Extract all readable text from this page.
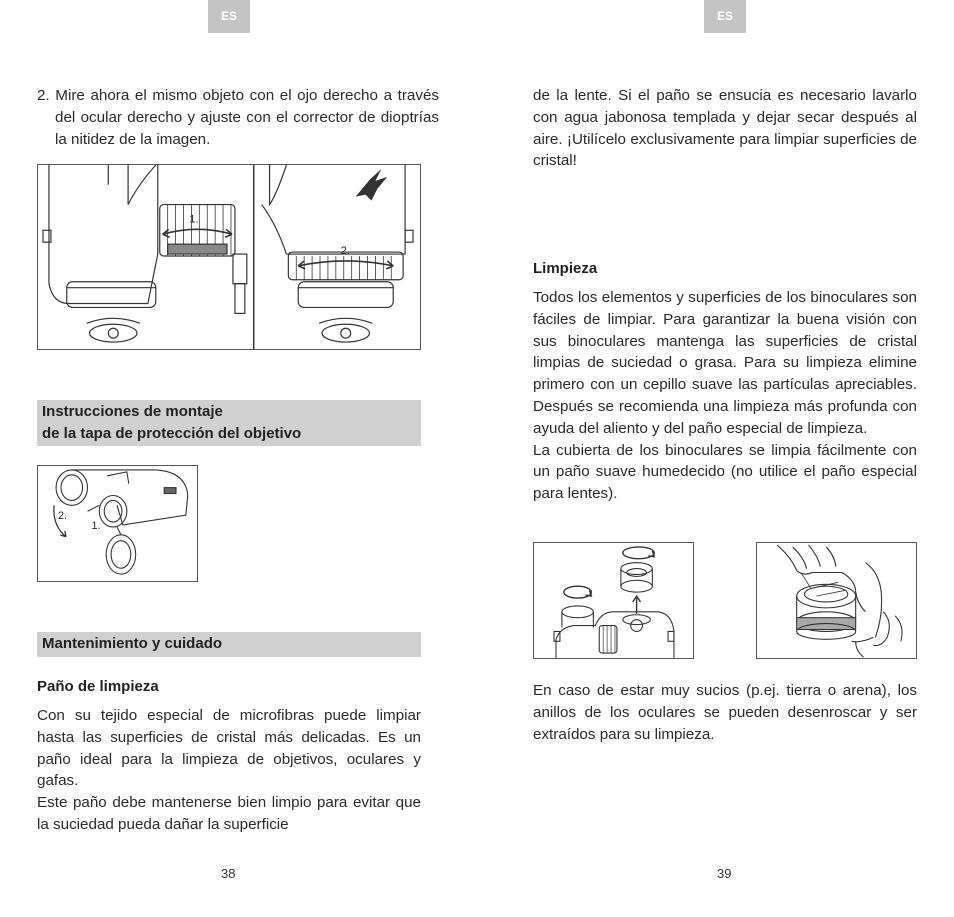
ES

2. Mire ahora el mismo objeto con el ojo derecho a través del ocular derecho y ajuste con el corrector de dioptrías la nitidez de la imagen.

1.
2.
Instrucciones de montaje
de la tapa de protección del objetivo
2.
1.
Mantenimiento y cuidado
Paño de limpieza

Con su tejido especial de microfibras puede limpiar hasta las superficies de cristal más delicadas. Es un paño ideal para la limpieza de objetivos, oculares y gafas.

Este paño debe mantenerse bien limpio para evitar que la suciedad pueda dañar la superficie

38
ES

de la lente. Si el paño se ensucia es necesario lavarlo con agua jabonosa templada y dejar secar después al aire. ¡Utilícelo exclusivamente para limpiar superficies de cristal!

Limpieza

Todos los elementos y superficies de los binoculares son fáciles de limpiar. Para garantizar la buena visión con sus binoculares mantenga las superficies de cristal limpias de suciedad o grasa. Para su limpieza elimine primero con un cepillo suave las partículas apreciables. Después se recomienda una limpieza más profunda con ayuda del aliento y del paño especial de limpieza.

La cubierta de los binoculares se limpia fácilmente con un paño suave humedecido (no utilice el paño especial para lentes).

En caso de estar muy sucios (p.ej. tierra o arena), los anillos de los oculares se pueden desenroscar y ser extraídos para su limpieza.

39
